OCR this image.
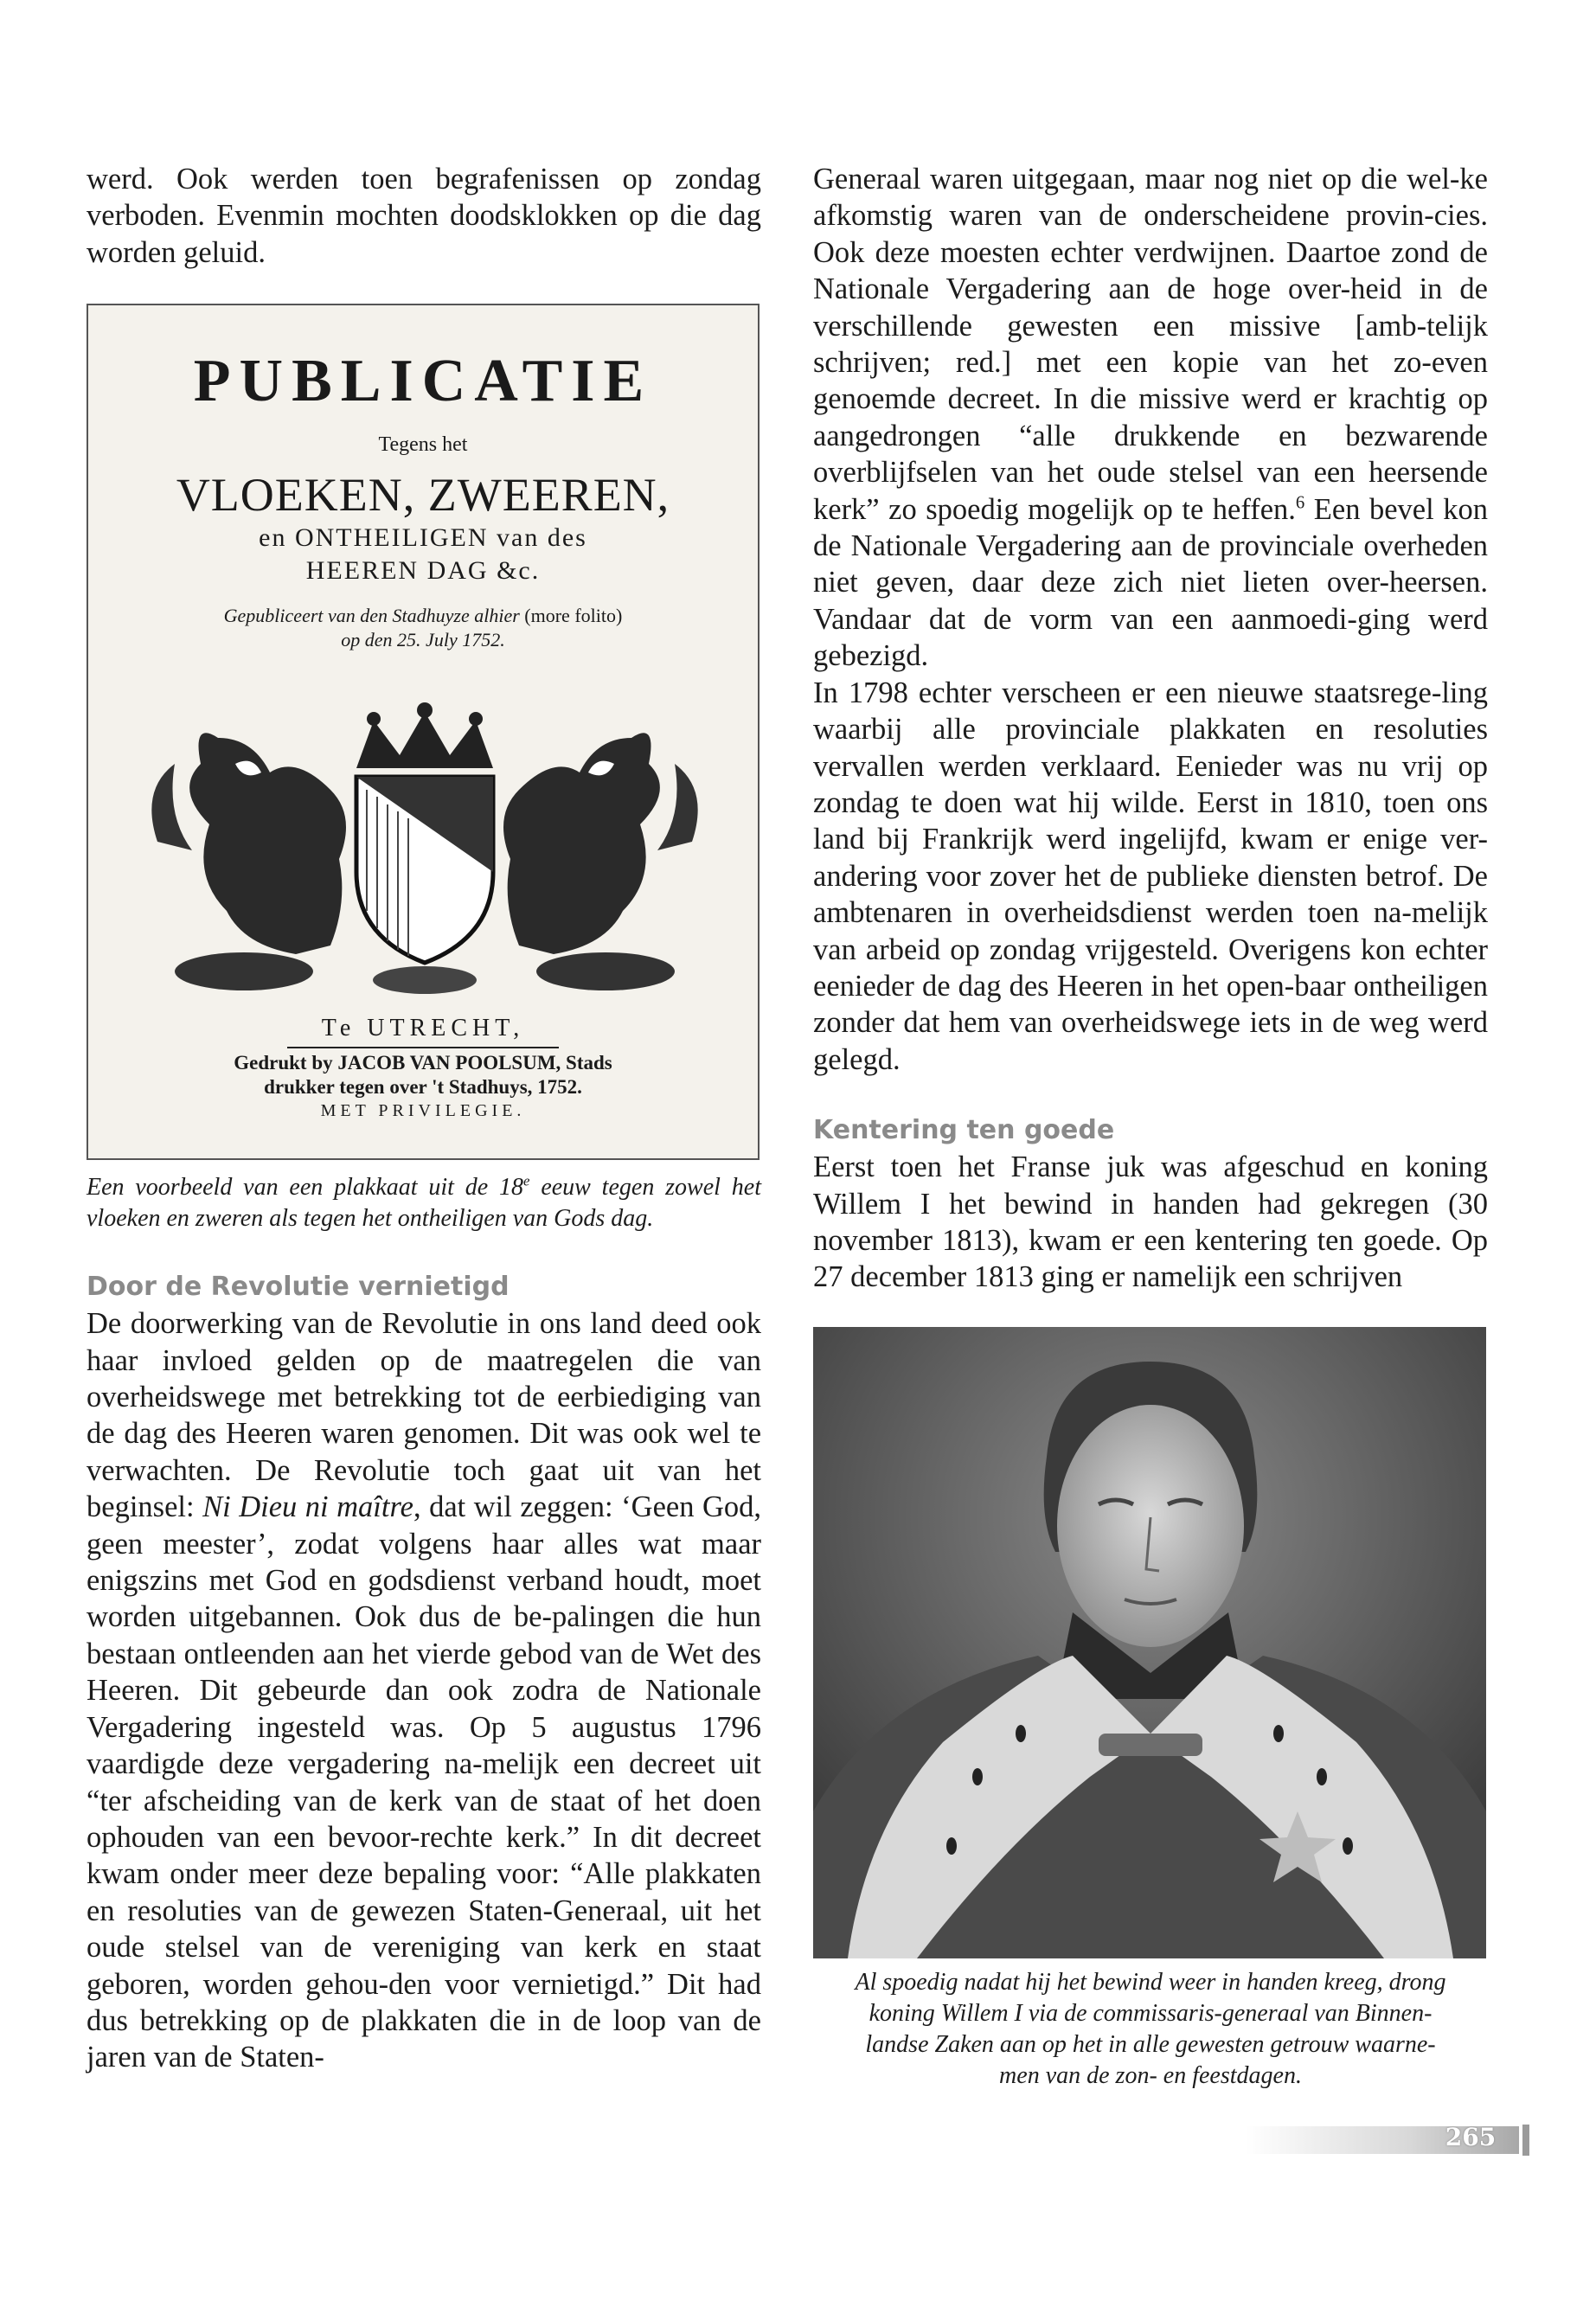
werd. Ook werden toen begrafenissen op zondag verboden. Evenmin mochten doodsklokken op die dag worden geluid.

PUBLICATIE
Tegens het
VLOEKEN, ZWEEREN,
en ONTHEILIGEN van des
HEEREN DAG &c.
Gepubliceert van den Stadhuyze alhier (more folito)
op den 25. July 1752.
Te UTRECHT,
Gedrukt by JACOB VAN POOLSUM, Stads
drukker tegen over 't Stadhuys, 1752.
MET PRIVILEGIE.

Een voorbeeld van een plakkaat uit de 18e eeuw tegen zowel het vloeken en zweren als tegen het ontheiligen van Gods dag.

Door de Revolutie vernietigd

De doorwerking van de Revolutie in ons land deed ook haar invloed gelden op de maatregelen die van overheidswege met betrekking tot de eerbiediging van de dag des Heeren waren genomen. Dit was ook wel te verwachten. De Revolutie toch gaat uit van het beginsel: Ni Dieu ni maître, dat wil zeggen: ‘Geen God, geen meester’, zodat volgens haar alles wat maar enigszins met God en godsdienst verband houdt, moet worden uitgebannen. Ook dus de be-palingen die hun bestaan ontleenden aan het vierde gebod van de Wet des Heeren. Dit gebeurde dan ook zodra de Nationale Vergadering ingesteld was. Op 5 augustus 1796 vaardigde deze vergadering na-melijk een decreet uit “ter afscheiding van de kerk van de staat of het doen ophouden van een bevoor-rechte kerk.” In dit decreet kwam onder meer deze bepaling voor: “Alle plakkaten en resoluties van de gewezen Staten-Generaal, uit het oude stelsel van de vereniging van kerk en staat geboren, worden gehou-den voor vernietigd.” Dit had dus betrekking op de plakkaten die in de loop van de jaren van de Staten-

Generaal waren uitgegaan, maar nog niet op die wel-ke afkomstig waren van de onderscheidene provin-cies. Ook deze moesten echter verdwijnen. Daartoe zond de Nationale Vergadering aan de hoge over-heid in de verschillende gewesten een missive [amb-telijk schrijven; red.] met een kopie van het zo-even genoemde decreet. In die missive werd er krachtig op aangedrongen “alle drukkende en bezwarende overblijfselen van het oude stelsel van een heersende kerk” zo spoedig mogelijk op te heffen.$^6$ Een bevel kon de Nationale Vergadering aan de provinciale overheden niet geven, daar deze zich niet lieten over-heersen. Vandaar dat de vorm van een aanmoedi-ging werd gebezigd.

In 1798 echter verscheen er een nieuwe staatsrege-ling waarbij alle provinciale plakkaten en resoluties vervallen werden verklaard. Eenieder was nu vrij op zondag te doen wat hij wilde. Eerst in 1810, toen ons land bij Frankrijk werd ingelijfd, kwam er enige ver-andering voor zover het de publieke diensten betrof. De ambtenaren in overheidsdienst werden toen na-melijk van arbeid op zondag vrijgesteld. Overigens kon echter eenieder de dag des Heeren in het open-baar ontheiligen zonder dat hem van overheidswege iets in de weg werd gelegd.

Kentering ten goede

Eerst toen het Franse juk was afgeschud en koning Willem I het bewind in handen had gekregen (30 november 1813), kwam er een kentering ten goede. Op 27 december 1813 ging er namelijk een schrijven

Al spoedig nadat hij het bewind weer in handen kreeg, drong
koning Willem I via de commissaris-generaal van Binnen-
landse Zaken aan op het in alle gewesten getrouw waarne-
men van de zon- en feestdagen.

265
